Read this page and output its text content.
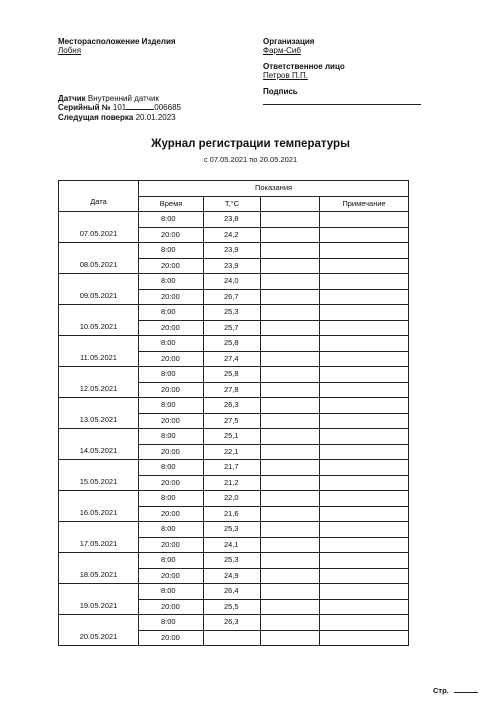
Месторасположение Изделия
Лобня
Организация
Фарм-Сиб
Ответственное лицо
Петров П.П.
Подпись
Датчик Внутренний датчик
Серийный № 101	006685
Следущая поверка 20.01.2023
Журнал регистрации температуры
с 07.05.2021 по 20.05.2021
Дата	Показания			
	Время	T,°C		Примечание
07.05.2021	8:00	23,8		
	20:00	24,2		
08.05.2021	8:00	23,9		
	20:00	23,9		
09.05.2021	8:00	24,0		
	20:00	26,7		
10.05.2021	8:00	25,3		
	20:00	25,7		
11.05.2021	8:00	25,8		
	20:00	27,4		
12.05.2021	8:00	25,8		
	20:00	27,8		
13.05.2021	8:00	26,3		
	20:00	27,5		
14.05.2021	8:00	25,1		
	20:00	22,1		
15.05.2021	8:00	21,7		
	20:00	21,2		
16.05.2021	8:00	22,0		
	20:00	21,6		
17.05.2021	8:00	25,3		
	20:00	24,1		
18.05.2021	8:00	25,3		
	20:00	24,9		
19.05.2021	8:00	26,4		
	20:00	25,5		
20.05.2021	8:00	26,3		
	20:00			
Стр.
